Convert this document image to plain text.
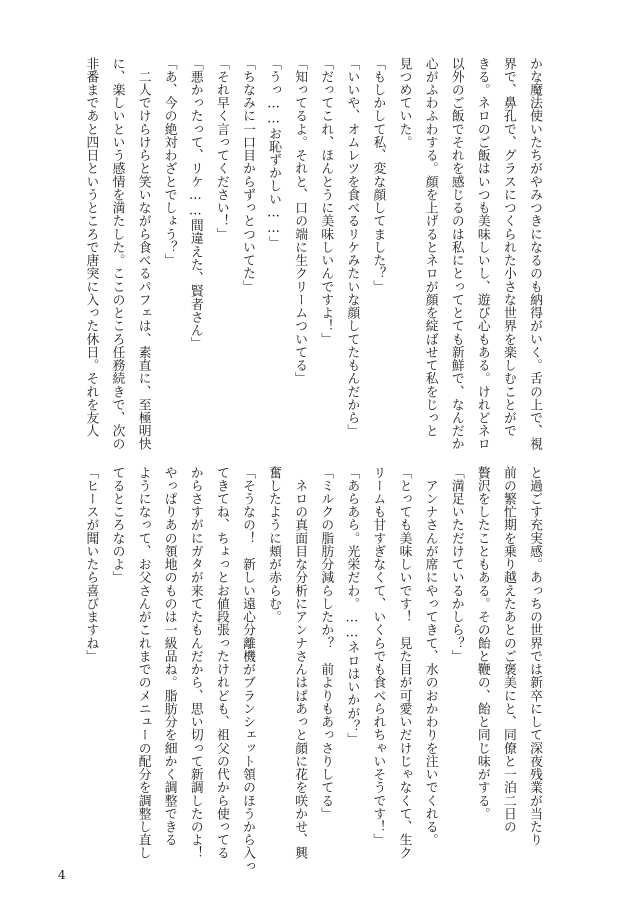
かな魔法使いたちがやみつきになるのも納得がいく。舌の上で、視
界で、鼻孔で、グラスにつくられた小さな世界を楽しむことがで
きる。ネロのご飯はいつも美味しいし、遊び心もある。けれどネロ
以外のご飯でそれを感じるのは私にとってとても新鮮で、なんだか
心がふわふわする。顔を上げるとネロが顔を綻ばせて私をじっと
見つめていた。
「もしかして私、変な顔してました？」
「いいや、オムレツを食べるリケみたいな顔してたもんだから」
「だってこれ、ほんとうに美味しいんですよ！」
「知ってるよ。それと、口の端に生クリームついてる」
「うっ……お恥ずかしい……」
「ちなみに一口目からずっとついてた」
「それ早く言ってください！」
「悪かったって、リケ……間違えた、賢者さん」
「あ、今の絶対わざとでしょう？」
　二人でけらけらと笑いながら食べるパフェは、素直に、至極明快
に、楽しいという感情を満たした。ここのところ任務続きで、次の
非番まであと四日というところで唐突に入った休日。それを友人
と過ごす充実感。あっちの世界では新卒にして深夜残業が当たり
前の繁忙期を乗り越えたあとのご褒美にと、同僚と一泊二日の
贅沢をしたこともある。その飴と鞭の、飴と同じ味がする。
「満足いただけているかしら？」
　アンナさんが席にやってきて、水のおかわりを注いでくれる。
「とっても美味しいです！　見た目が可愛いだけじゃなくて、生ク
リームも甘すぎなくて、いくらでも食べられちゃいそうです！」
「あらあら。光栄だわ。……ネロはいかが？」
「ミルクの脂肪分減らしたか？　前よりもあっさりしてる」
　ネロの真面目な分析にアンナさんはぱあっと顔に花を咲かせ、興
奮したように頬が赤らむ。
「そうなの！　新しい遠心分離機がブランシェット領のほうから入っ
てきてね、ちょっとお値段張ったけれども、祖父の代から使ってる
からさすがにガタが来てたもんだから、思い切って新調したのよ！
やっぱりあの領地のものは一級品ね。脂肪分を細かく調整できる
ようになって、お父さんがこれまでのメニューの配分を調整し直し
てるところなのよ」
「ヒースが聞いたら喜びますね」
4
